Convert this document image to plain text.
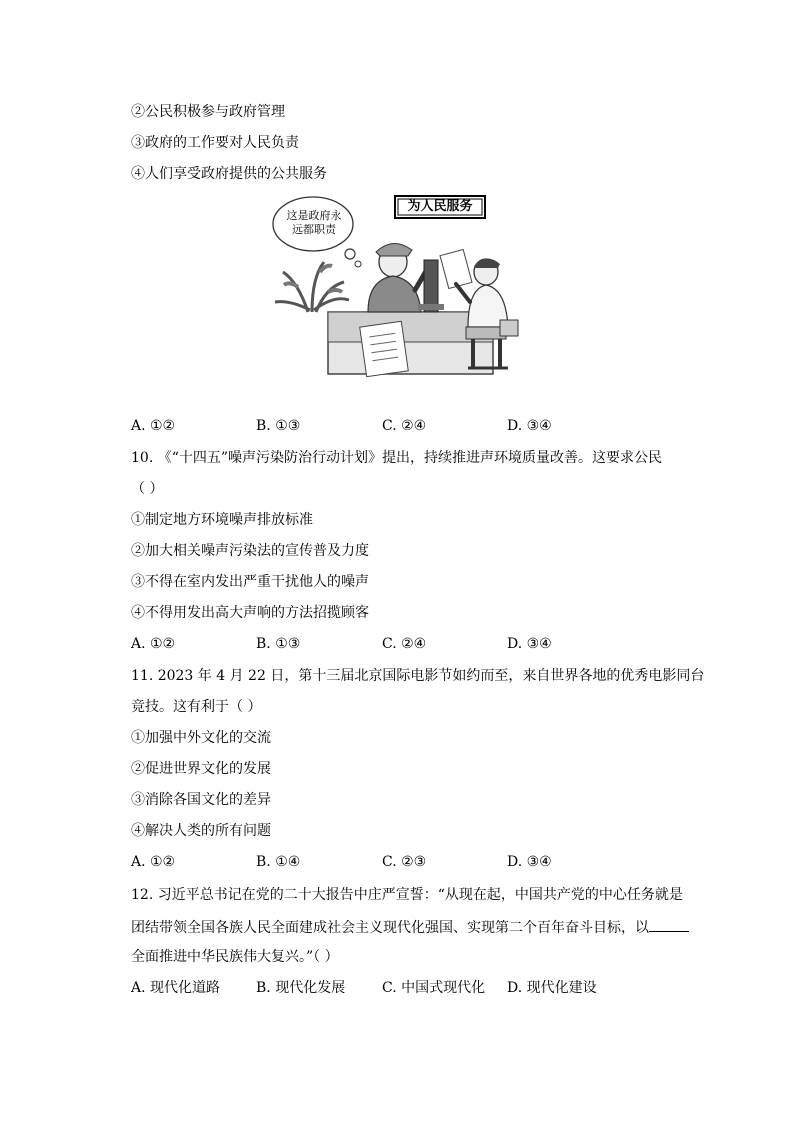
②公民积极参与政府管理
③政府的工作要对人民负责
④人们享受政府提供的公共服务
为人民服务
这是政府永
远都职责
A. ①②	B. ①③	C. ②④	D. ③④
10. 《“十四五”噪声污染防治行动计划》提出，持续推进声环境质量改善。这要求公民
（ ）
①制定地方环境噪声排放标准
②加大相关噪声污染法的宣传普及力度
③不得在室内发出严重干扰他人的噪声
④不得用发出高大声响的方法招揽顾客
A. ①②	B. ①③	C. ②④	D. ③④
11. 2023 年 4 月 22 日，第十三届北京国际电影节如约而至，来自世界各地的优秀电影同台
竞技。这有利于（ ）
①加强中外文化的交流
②促进世界文化的发展
③消除各国文化的差异
④解决人类的所有问题
A. ①②	B. ①④	C. ②③	D. ③④
12. 习近平总书记在党的二十大报告中庄严宣誓：“从现在起，中国共产党的中心任务就是
团结带领全国各族人民全面建成社会主义现代化强国、实现第二个百年奋斗目标，以
全面推进中华民族伟大复兴。”（ ）
A. 现代化道路	B. 现代化发展	C. 中国式现代化 D. 现代化建设
